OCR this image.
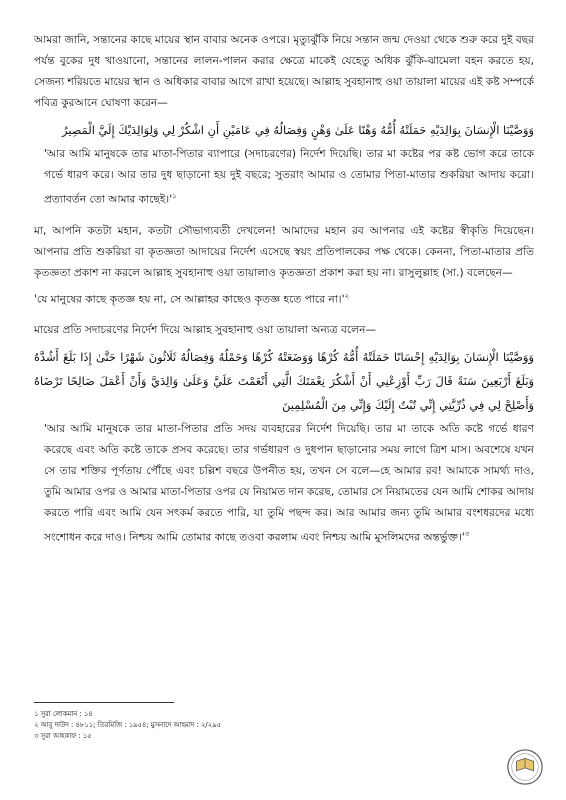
আমরা জানি, সন্তানের কাছে মায়ের স্থান বাবার অনেক ওপরে। মৃত্যুঝুঁকি নিয়ে সন্তান জন্ম দেওয়া থেকে শুরু করে দুই বছর পর্যন্ত বুকের দুধ খাওয়ানো, সন্তানের লালন-পালন করার ক্ষেত্রে মাকেই যেহেতু অধিক ঝুঁকি-ঝামেলা বহন করতে হয়, সেজন্য শরিয়তে মায়ের স্থান ও অধিকার বাবার আগে রাখা হয়েছে। আল্লাহ সুবহানাহু ওয়া তায়ালা মায়ের এই কষ্ট সম্পর্কে পবিত্র কুরআনে ঘোষণা করেন—

وَوَصَّيْنَا الْإِنسَانَ بِوَالِدَيْهِ حَمَلَتْهُ أُمُّهُ وَهْنًا عَلَىٰ وَهْنٍ وَفِصَالُهُ فِي عَامَيْنِ أَنِ اشْكُرْ لِي وَلِوَالِدَيْكَ إِلَيَّ الْمَصِيرُ

'আর আমি মানুষকে তার মাতা-পিতার ব্যাপারে (সদাচরণের) নির্দেশ দিয়েছি। তার মা কষ্টের পর কষ্ট ভোগ করে তাকে গর্ভে ধারণ করে। আর তার দুধ ছাড়ানো হয় দুই বছরে; সুতরাং আমার ও তোমার পিতা-মাতার শুকরিয়া আদায় করো। প্রত্যাবর্তন তো আমার $কাছেই।'^১$

মা, আপনি কতটা মহান, কতটা সৌভাগ্যবতী দেখলেন! আমাদের মহান রব আপনার এই কষ্টের স্বীকৃতি দিয়েছেন। আপনার প্রতি শুকরিয়া বা কৃতজ্ঞতা আদায়ের নির্দেশ এসেছে স্বয়ং প্রতিপালকের পক্ষ থেকে। কেননা, পিতা-মাতার প্রতি কৃতজ্ঞতা প্রকাশ না করলে আল্লাহ সুবহানাহু ওয়া তায়ালাও কৃতজ্ঞতা প্রকাশ করা হয় না। রাসুলুল্লাহ (সা.) বলেছেন—

'যে মানুষের কাছে কৃতজ্ঞ হয় না, সে আল্লাহর কাছেও কৃতজ্ঞ হতে পারে $না।'^২$

মায়ের প্রতি সদাচরণের নির্দেশ দিয়ে আল্লাহ সুবহানাহু ওয়া তায়ালা অন্যত্র বলেন—

وَوَصَّيْنَا الْإِنسَانَ بِوَالِدَيْهِ إِحْسَانًا حَمَلَتْهُ أُمُّهُ كُرْهًا وَوَضَعَتْهُ كُرْهًا وَحَمْلُهُ وَفِصَالُهُ ثَلَاثُونَ شَهْرًا حَتَّىٰ إِذَا بَلَغَ أَشُدَّهُ وَبَلَغَ أَرْبَعِينَ سَنَةً قَالَ رَبِّ أَوْزِعْنِي أَنْ أَشْكُرَ نِعْمَتَكَ الَّتِي أَنْعَمْتَ عَلَيَّ وَعَلَىٰ وَالِدَيَّ وَأَنْ أَعْمَلَ صَالِحًا تَرْضَاهُ وَأَصْلِحْ لِي فِي ذُرِّيَّتِي إِنِّي تُبْتُ إِلَيْكَ وَإِنِّي مِنَ الْمُسْلِمِينَ

'আর আমি মানুষকে তার মাতা-পিতার প্রতি সদয় ব্যবহারের নির্দেশ দিয়েছি। তার মা তাকে অতি কষ্টে গর্ভে ধারণ করেছে এবং অতি কষ্টে তাকে প্রসব করেছে। তার গর্ভধারণ ও দুধপান ছাড়ানোর সময় লাগে ত্রিশ মাস। অবশেষে যখন সে তার শক্তির পূর্ণতায় পৌঁছে এবং চল্লিশ বছরে উপনীত হয়, তখন সে বলে—হে আমার রব! আমাকে সামর্থ্য দাও, তুমি আমার ওপর ও আমার মাতা-পিতার ওপর যে নিয়ামত দান করেছ, তোমার সে নিয়ামতের যেন আমি শোকর আদায় করতে পারি এবং আমি যেন সৎকর্ম করতে পারি, যা তুমি পছন্দ কর। আর আমার জন্য তুমি আমার বংশধরদের মধ্যে সংশোধন করে দাও। নিশ্চয় আমি তোমার কাছে তওবা করলাম এবং নিশ্চয় আমি মুসলিমদের $অন্তর্ভুক্ত।'^৩$

১ সুরা লোকমান : ১৪

২ আবু দাউদ : ৪৮১১; তিরমিজি : ১৯৫৪; মুসনাদে আহমাদ : ২/২৯৫

৩ সুরা আহকাফ : ১৫
